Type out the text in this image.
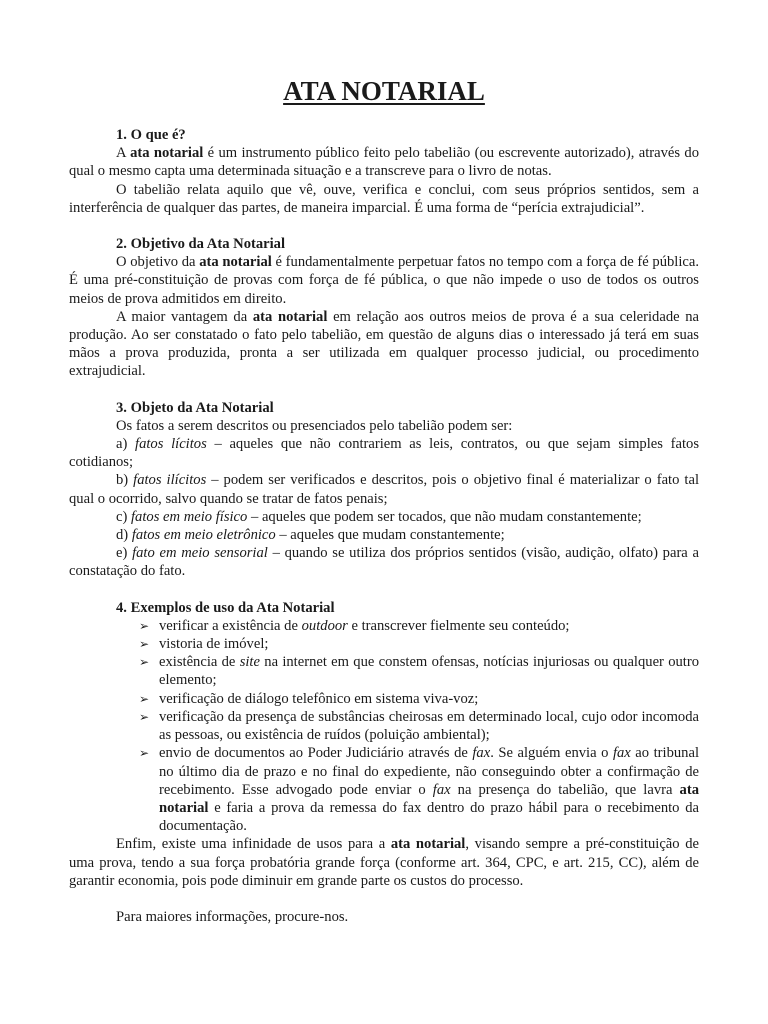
ATA NOTARIAL

1. O que é?

A ata notarial é um instrumento público feito pelo tabelião (ou escrevente autorizado), através do qual o mesmo capta uma determinada situação e a transcreve para o livro de notas.

O tabelião relata aquilo que vê, ouve, verifica e conclui, com seus próprios sentidos, sem a interferência de qualquer das partes, de maneira imparcial. É uma forma de “perícia extrajudicial”.

2. Objetivo da Ata Notarial

O objetivo da ata notarial é fundamentalmente perpetuar fatos no tempo com a força de fé pública. É uma pré-constituição de provas com força de fé pública, o que não impede o uso de todos os outros meios de prova admitidos em direito.

A maior vantagem da ata notarial em relação aos outros meios de prova é a sua celeridade na produção. Ao ser constatado o fato pelo tabelião, em questão de alguns dias o interessado já terá em suas mãos a prova produzida, pronta a ser utilizada em qualquer processo judicial, ou procedimento extrajudicial.

3. Objeto da Ata Notarial

Os fatos a serem descritos ou presenciados pelo tabelião podem ser:

a) fatos lícitos – aqueles que não contrariem as leis, contratos, ou que sejam simples fatos cotidianos;

b) fatos ilícitos – podem ser verificados e descritos, pois o objetivo final é materializar o fato tal qual o ocorrido, salvo quando se tratar de fatos penais;

c) fatos em meio físico – aqueles que podem ser tocados, que não mudam constantemente;

d) fatos em meio eletrônico – aqueles que mudam constantemente;

e) fato em meio sensorial – quando se utiliza dos próprios sentidos (visão, audição, olfato) para a constatação do fato.

4. Exemplos de uso da Ata Notarial

➢ verificar a existência de outdoor e transcrever fielmente seu conteúdo;
➢ vistoria de imóvel;
➢ existência de site na internet em que constem ofensas, notícias injuriosas ou qualquer outro elemento;
➢ verificação de diálogo telefônico em sistema viva-voz;
➢ verificação da presença de substâncias cheirosas em determinado local, cujo odor incomoda as pessoas, ou existência de ruídos (poluição ambiental);
➢ envio de documentos ao Poder Judiciário através de fax. Se alguém envia o fax ao tribunal no último dia de prazo e no final do expediente, não conseguindo obter a confirmação de recebimento. Esse advogado pode enviar o fax na presença do tabelião, que lavra ata notarial e faria a prova da remessa do fax dentro do prazo hábil para o recebimento da documentação.

Enfim, existe uma infinidade de usos para a ata notarial, visando sempre a pré-constituição de uma prova, tendo a sua força probatória grande força (conforme art. 364, CPC, e art. 215, CC), além de garantir economia, pois pode diminuir em grande parte os custos do processo.

Para maiores informações, procure-nos.
